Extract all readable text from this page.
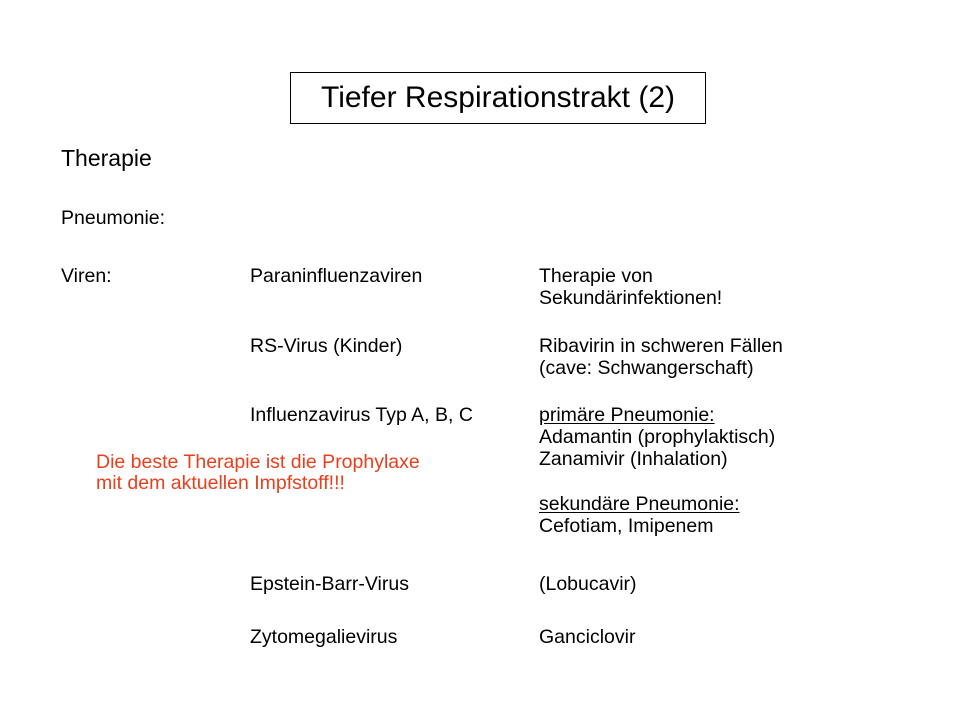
Tiefer Respirationstrakt (2)
Therapie
Pneumonie:
Viren:	Paraninfluenzaviren	Therapie von
Sekundärinfektionen!
RS-Virus (Kinder)	Ribavirin in schweren Fällen
(cave: Schwangerschaft)
Influenzavirus Typ A, B, C	primäre Pneumonie:
Adamantin (prophylaktisch)
Zanamivir (Inhalation)
sekundäre Pneumonie:
Cefotiam, Imipenem
Die beste Therapie ist die Prophylaxe
mit dem aktuellen Impfstoff!!!
Epstein-Barr-Virus	(Lobucavir)
Zytomegalievirus	Ganciclovir
